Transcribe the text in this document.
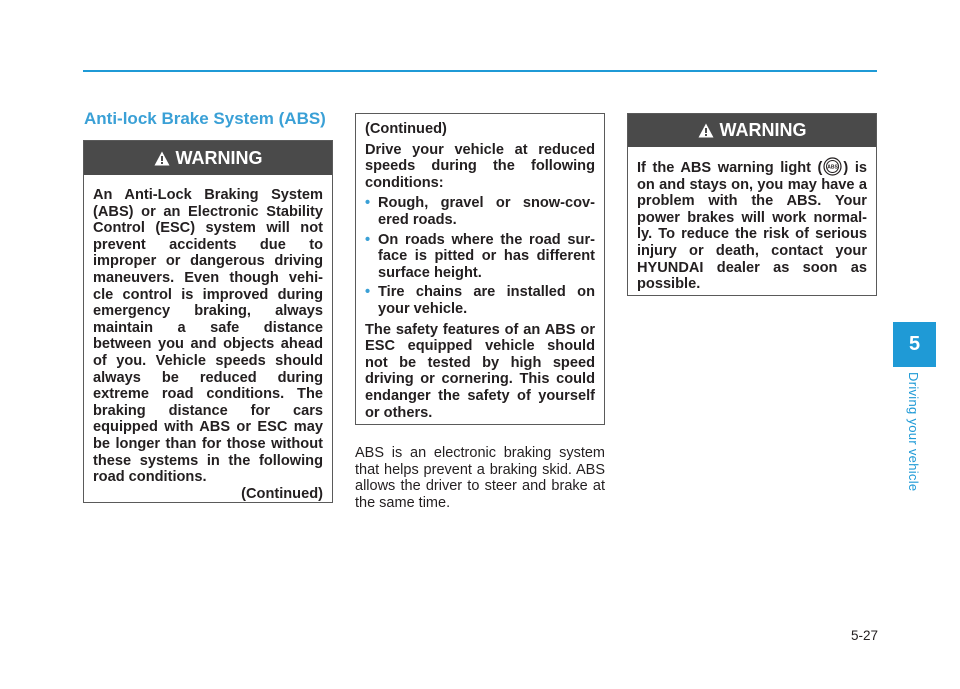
Anti-lock Brake System (ABS)
WARNING
An Anti-Lock Braking System (ABS) or an Electronic Stability Control (ESC) system will not prevent accidents due to improper or dangerous driving maneuvers. Even though vehi-cle control is improved during emergency braking, always maintain a safe distance between you and objects ahead of you. Vehicle speeds should always be reduced during extreme road conditions. The braking distance for cars equipped with ABS or ESC may be longer than for those without these systems in the following road conditions.
(Continued)

(Continued)

Drive your vehicle at reduced speeds during the following conditions:

• Rough, gravel or snow-cov-ered roads.
• On roads where the road sur-face is pitted or has different surface height.
• Tire chains are installed on your vehicle.

The safety features of an ABS or ESC equipped vehicle should not be tested by high speed driving or cornering. This could endanger the safety of yourself or others.

WARNING
If the ABS warning light ( ABS ) is on and stays on, you may have a problem with the ABS. Your power brakes will work normal-ly. To reduce the risk of serious injury or death, contact your HYUNDAI dealer as soon as possible.

ABS is an electronic braking system that helps prevent a braking skid. ABS allows the driver to steer and brake at the same time.

5
Driving your vehicle
5-27
